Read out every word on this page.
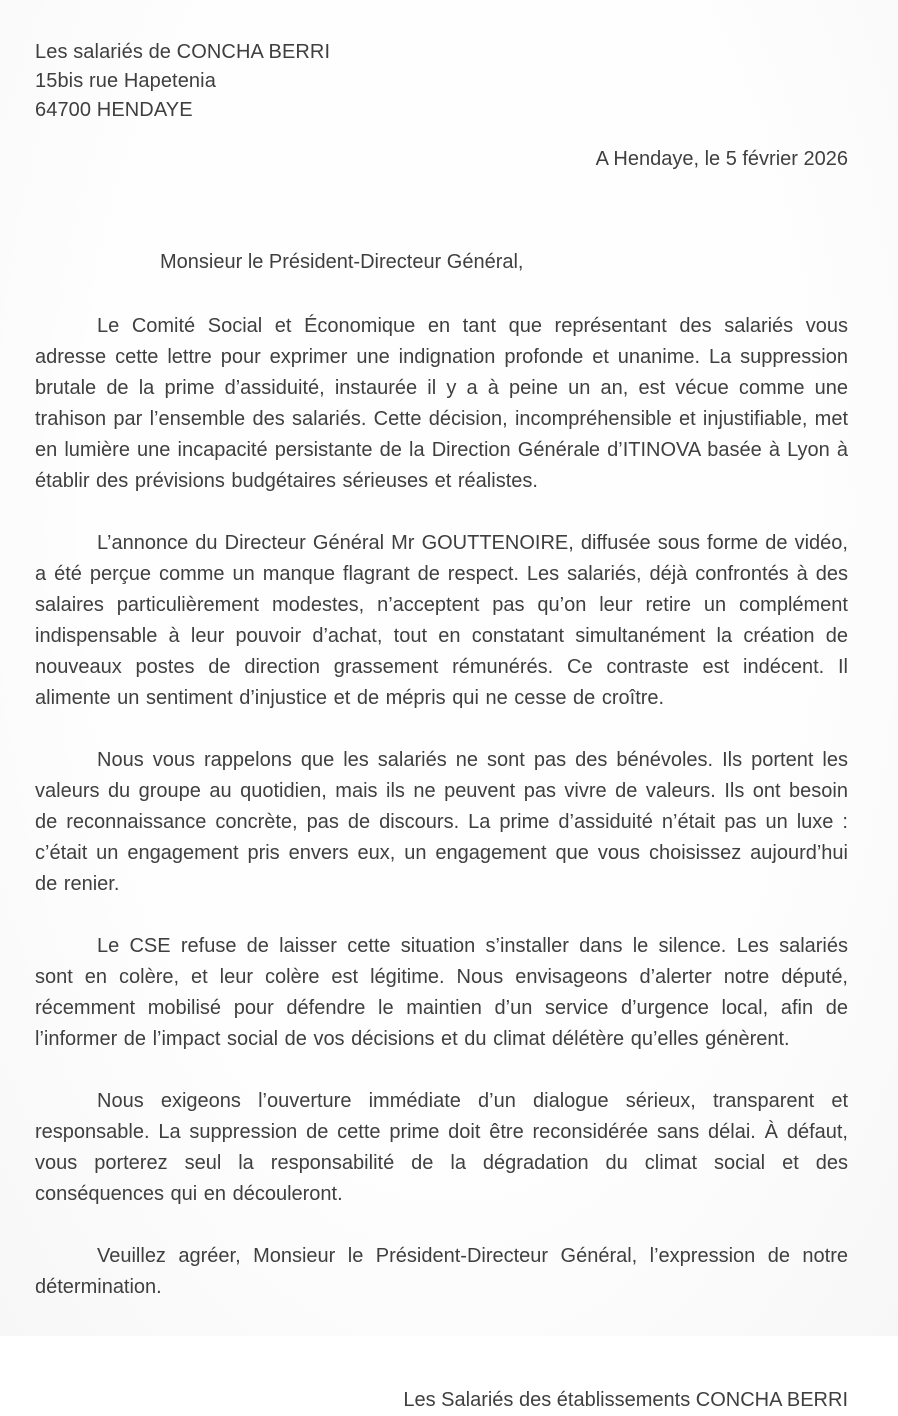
Les salariés de CONCHA BERRI
15bis rue Hapetenia
64700 HENDAYE
A Hendaye, le 5 février 2026
Monsieur le Président-Directeur Général,

Le Comité Social et Économique en tant que représentant des salariés vous adresse cette lettre pour exprimer une indignation profonde et unanime. La suppression brutale de la prime d’assiduité, instaurée il y a à peine un an, est vécue comme une trahison par l’ensemble des salariés. Cette décision, incompréhensible et injustifiable, met en lumière une incapacité persistante de la Direction Générale d’ITINOVA basée à Lyon à établir des prévisions budgétaires sérieuses et réalistes.

L’annonce du Directeur Général Mr GOUTTENOIRE, diffusée sous forme de vidéo, a été perçue comme un manque flagrant de respect. Les salariés, déjà confrontés à des salaires particulièrement modestes, n’acceptent pas qu’on leur retire un complément indispensable à leur pouvoir d’achat, tout en constatant simultanément la création de nouveaux postes de direction grassement rémunérés. Ce contraste est indécent. Il alimente un sentiment d’injustice et de mépris qui ne cesse de croître.

Nous vous rappelons que les salariés ne sont pas des bénévoles. Ils portent les valeurs du groupe au quotidien, mais ils ne peuvent pas vivre de valeurs. Ils ont besoin de reconnaissance concrète, pas de discours. La prime d’assiduité n’était pas un luxe : c’était un engagement pris envers eux, un engagement que vous choisissez aujourd’hui de renier.

Le CSE refuse de laisser cette situation s’installer dans le silence. Les salariés sont en colère, et leur colère est légitime. Nous envisageons d’alerter notre député, récemment mobilisé pour défendre le maintien d’un service d’urgence local, afin de l’informer de l’impact social de vos décisions et du climat délétère qu’elles génèrent.

Nous exigeons l’ouverture immédiate d’un dialogue sérieux, transparent et responsable. La suppression de cette prime doit être reconsidérée sans délai. À défaut, vous porterez seul la responsabilité de la dégradation du climat social et des conséquences qui en découleront.

Veuillez agréer, Monsieur le Président-Directeur Général, l’expression de notre détermination.

Les Salariés des établissements CONCHA BERRI
